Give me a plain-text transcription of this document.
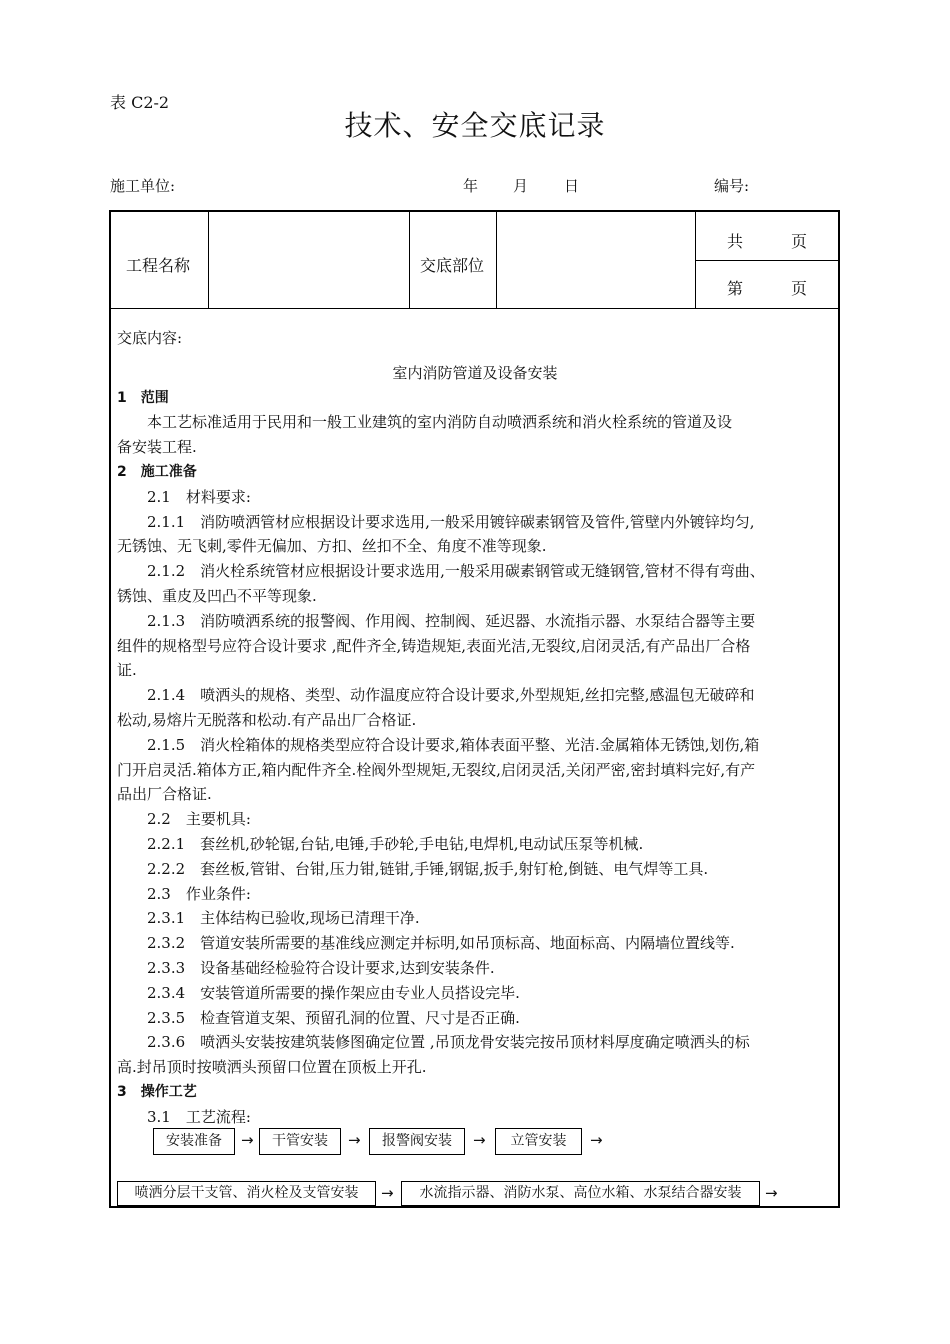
表 C2-2
技术、安全交底记录
施工单位:	年 月 日	编号:
工程名称	交底部位
共　　　页
第　　　页

交底内容:

室内消防管道及设备安装

1　范围

　　本工艺标准适用于民用和一般工业建筑的室内消防自动喷洒系统和消火栓系统的管道及设

备安装工程.

2　施工准备

　　2.1　材料要求:

　　2.1.1　消防喷洒管材应根据设计要求选用,一般采用镀锌碳素钢管及管件,管壁内外镀锌均匀,

无锈蚀、无飞刺,零件无偏加、方扣、丝扣不全、角度不准等现象.

　　2.1.2　消火栓系统管材应根据设计要求选用,一般采用碳素钢管或无缝钢管,管材不得有弯曲、

锈蚀、重皮及凹凸不平等现象.

　　2.1.3　消防喷洒系统的报警阀、作用阀、控制阀、延迟器、水流指示器、水泵结合器等主要

组件的规格型号应符合设计要求 ,配件齐全,铸造规矩,表面光洁,无裂纹,启闭灵活,有产品出厂合格

证.

　　2.1.4　喷洒头的规格、类型、动作温度应符合设计要求,外型规矩,丝扣完整,感温包无破碎和

松动,易熔片无脱落和松动.有产品出厂合格证.

　　2.1.5　消火栓箱体的规格类型应符合设计要求,箱体表面平整、光洁.金属箱体无锈蚀,划伤,箱

门开启灵活.箱体方正,箱内配件齐全.栓阀外型规矩,无裂纹,启闭灵活,关闭严密,密封填料完好,有产

品出厂合格证.

　　2.2　主要机具:

　　2.2.1　套丝机,砂轮锯,台钻,电锤,手砂轮,手电钻,电焊机,电动试压泵等机械.

　　2.2.2　套丝板,管钳、台钳,压力钳,链钳,手锤,钢锯,扳手,射钉枪,倒链、电气焊等工具.

　　2.3　作业条件:

　　2.3.1　主体结构已验收,现场已清理干净.

　　2.3.2　管道安装所需要的基准线应测定并标明,如吊顶标高、地面标高、内隔墙位置线等.

　　2.3.3　设备基础经检验符合设计要求,达到安装条件.

　　2.3.4　安装管道所需要的操作架应由专业人员搭设完毕.

　　2.3.5　检查管道支架、预留孔洞的位置、尺寸是否正确.

　　2.3.6　喷洒头安装按建筑装修图确定位置 ,吊顶龙骨安装完按吊顶材料厚度确定喷洒头的标

高.封吊顶时按喷洒头预留口位置在顶板上开孔.

3　操作工艺

　　3.1　工艺流程:

安装准备	→	干管安装	→	报警阀安装	→	立管安装	→
喷洒分层干支管、消火栓及支管安装	→	水流指示器、消防水泵、高位水箱、水泵结合器安装	→
